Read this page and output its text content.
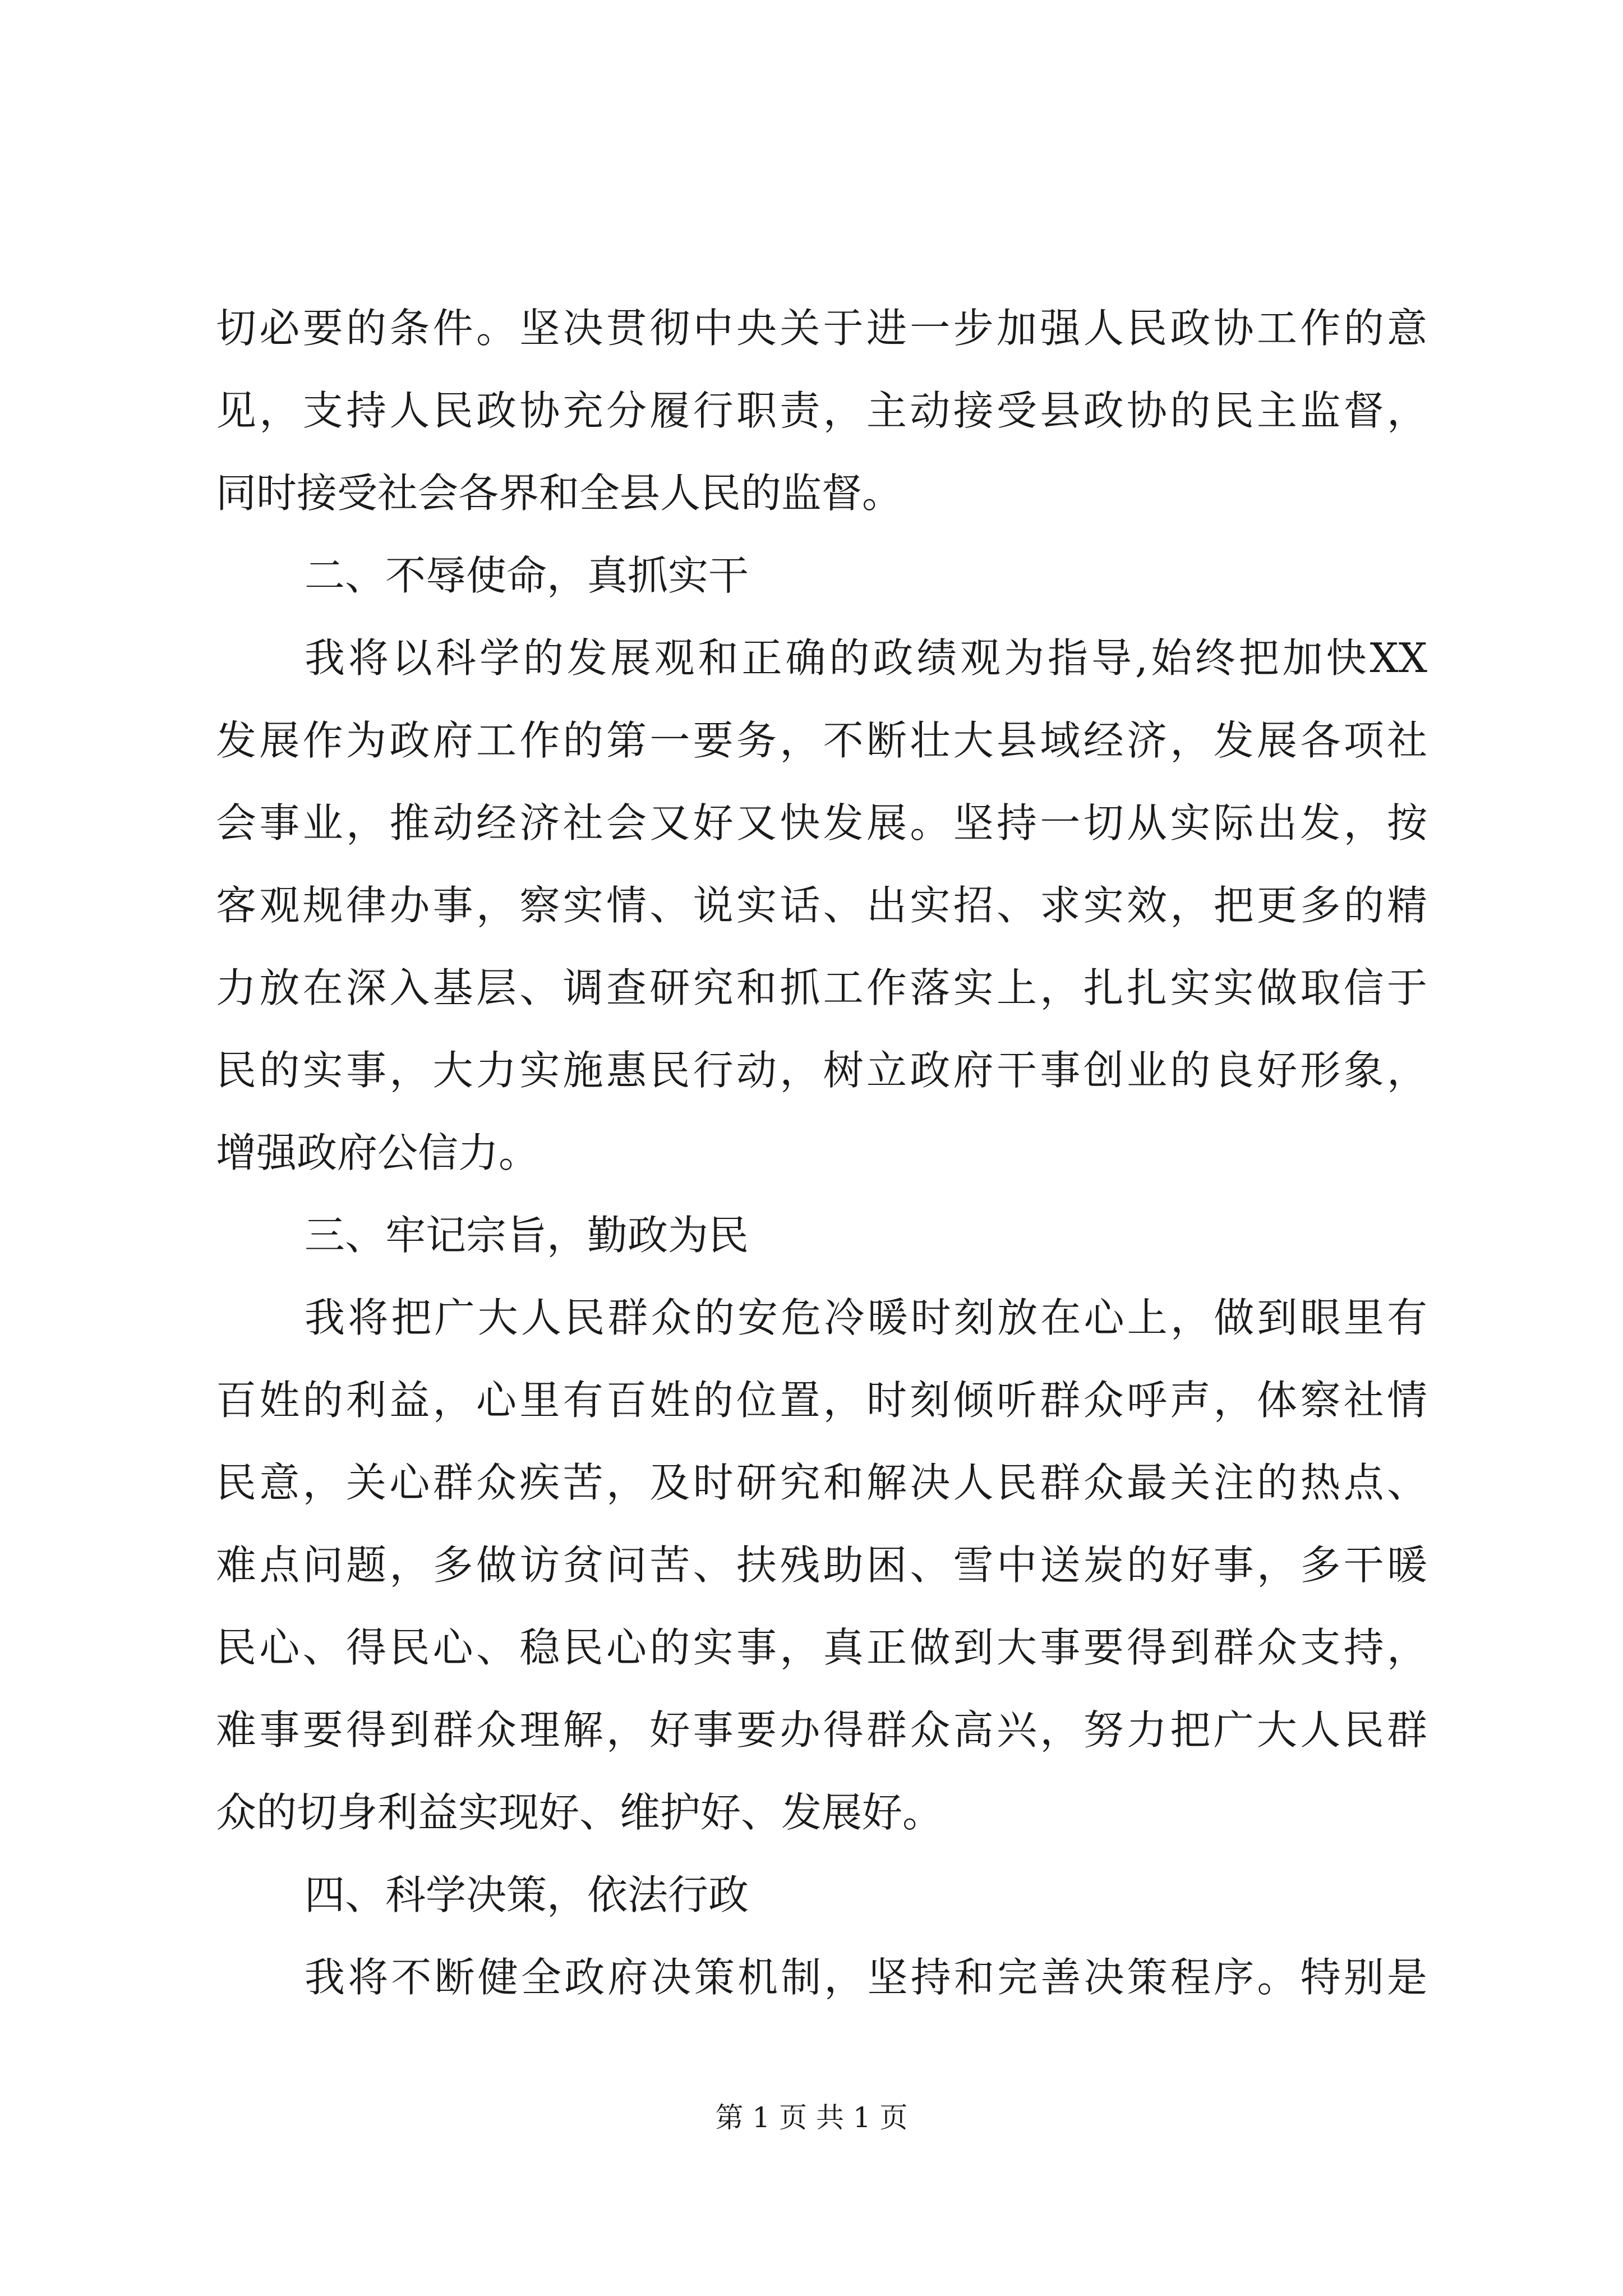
切必要的条件。坚决贯彻中央关于进一步加强人民政协工作的意
见，支持人民政协充分履行职责，主动接受县政协的民主监督，
同时接受社会各界和全县人民的监督。
二、不辱使命，真抓实干
我将以科学的发展观和正确的政绩观为指导,始终把加快XX
发展作为政府工作的第一要务，不断壮大县域经济，发展各项社
会事业，推动经济社会又好又快发展。坚持一切从实际出发，按
客观规律办事，察实情、说实话、出实招、求实效，把更多的精
力放在深入基层、调查研究和抓工作落实上，扎扎实实做取信于
民的实事，大力实施惠民行动，树立政府干事创业的良好形象，
增强政府公信力。
三、牢记宗旨，勤政为民
我将把广大人民群众的安危冷暖时刻放在心上，做到眼里有
百姓的利益，心里有百姓的位置，时刻倾听群众呼声，体察社情
民意，关心群众疾苦，及时研究和解决人民群众最关注的热点、
难点问题，多做访贫问苦、扶残助困、雪中送炭的好事，多干暖
民心、得民心、稳民心的实事，真正做到大事要得到群众支持，
难事要得到群众理解，好事要办得群众高兴，努力把广大人民群
众的切身利益实现好、维护好、发展好。
四、科学决策，依法行政
我将不断健全政府决策机制，坚持和完善决策程序。特别是
第 1 页 共 1 页
